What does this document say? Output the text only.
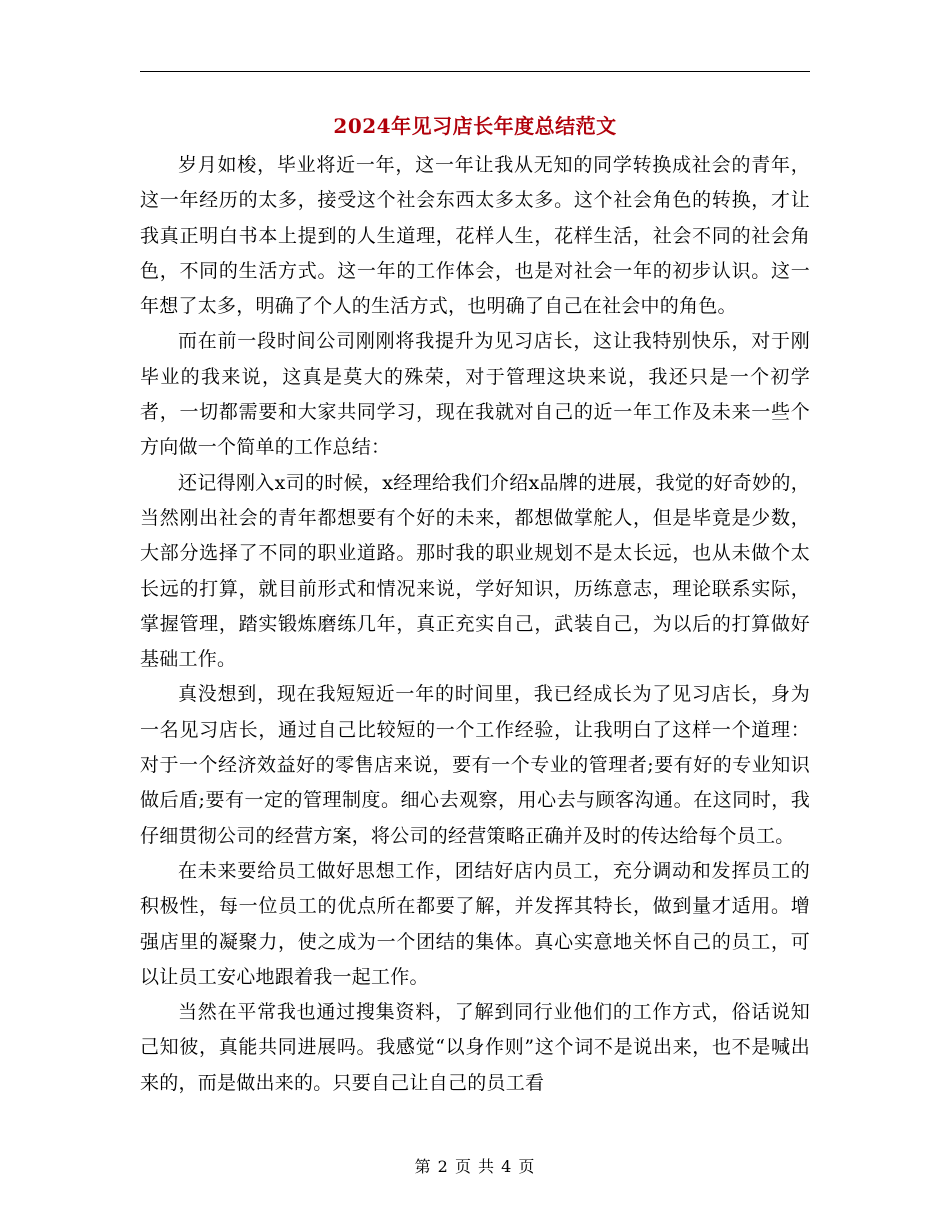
2024年见习店长年度总结范文

岁月如梭，毕业将近一年，这一年让我从无知的同学转换成社会的青年，这一年经历的太多，接受这个社会东西太多太多。这个社会角色的转换，才让我真正明白书本上提到的人生道理，花样人生，花样生活，社会不同的社会角色，不同的生活方式。这一年的工作体会，也是对社会一年的初步认识。这一年想了太多，明确了个人的生活方式，也明确了自己在社会中的角色。

而在前一段时间公司刚刚将我提升为见习店长，这让我特别快乐，对于刚毕业的我来说，这真是莫大的殊荣，对于管理这块来说，我还只是一个初学者，一切都需要和大家共同学习，现在我就对自己的近一年工作及未来一些个方向做一个简单的工作总结：

还记得刚入x司的时候，x经理给我们介绍x品牌的进展，我觉的好奇妙的，当然刚出社会的青年都想要有个好的未来，都想做掌舵人，但是毕竟是少数，大部分选择了不同的职业道路。那时我的职业规划不是太长远，也从未做个太长远的打算，就目前形式和情况来说，学好知识，历练意志，理论联系实际，掌握管理，踏实锻炼磨练几年，真正充实自己，武装自己，为以后的打算做好基础工作。

真没想到，现在我短短近一年的时间里，我已经成长为了见习店长，身为一名见习店长，通过自己比较短的一个工作经验，让我明白了这样一个道理：对于一个经济效益好的零售店来说，要有一个专业的管理者;要有好的专业知识做后盾;要有一定的管理制度。细心去观察，用心去与顾客沟通。在这同时，我仔细贯彻公司的经营方案，将公司的经营策略正确并及时的传达给每个员工。

在未来要给员工做好思想工作，团结好店内员工，充分调动和发挥员工的积极性，每一位员工的优点所在都要了解，并发挥其特长，做到量才适用。增强店里的凝聚力，使之成为一个团结的集体。真心实意地关怀自己的员工，可以让员工安心地跟着我一起工作。

当然在平常我也通过搜集资料，了解到同行业他们的工作方式，俗话说知己知彼，真能共同进展吗。我感觉“以身作则”这个词不是说出来，也不是喊出来的，而是做出来的。只要自己让自己的员工看

第 2 页 共 4 页
